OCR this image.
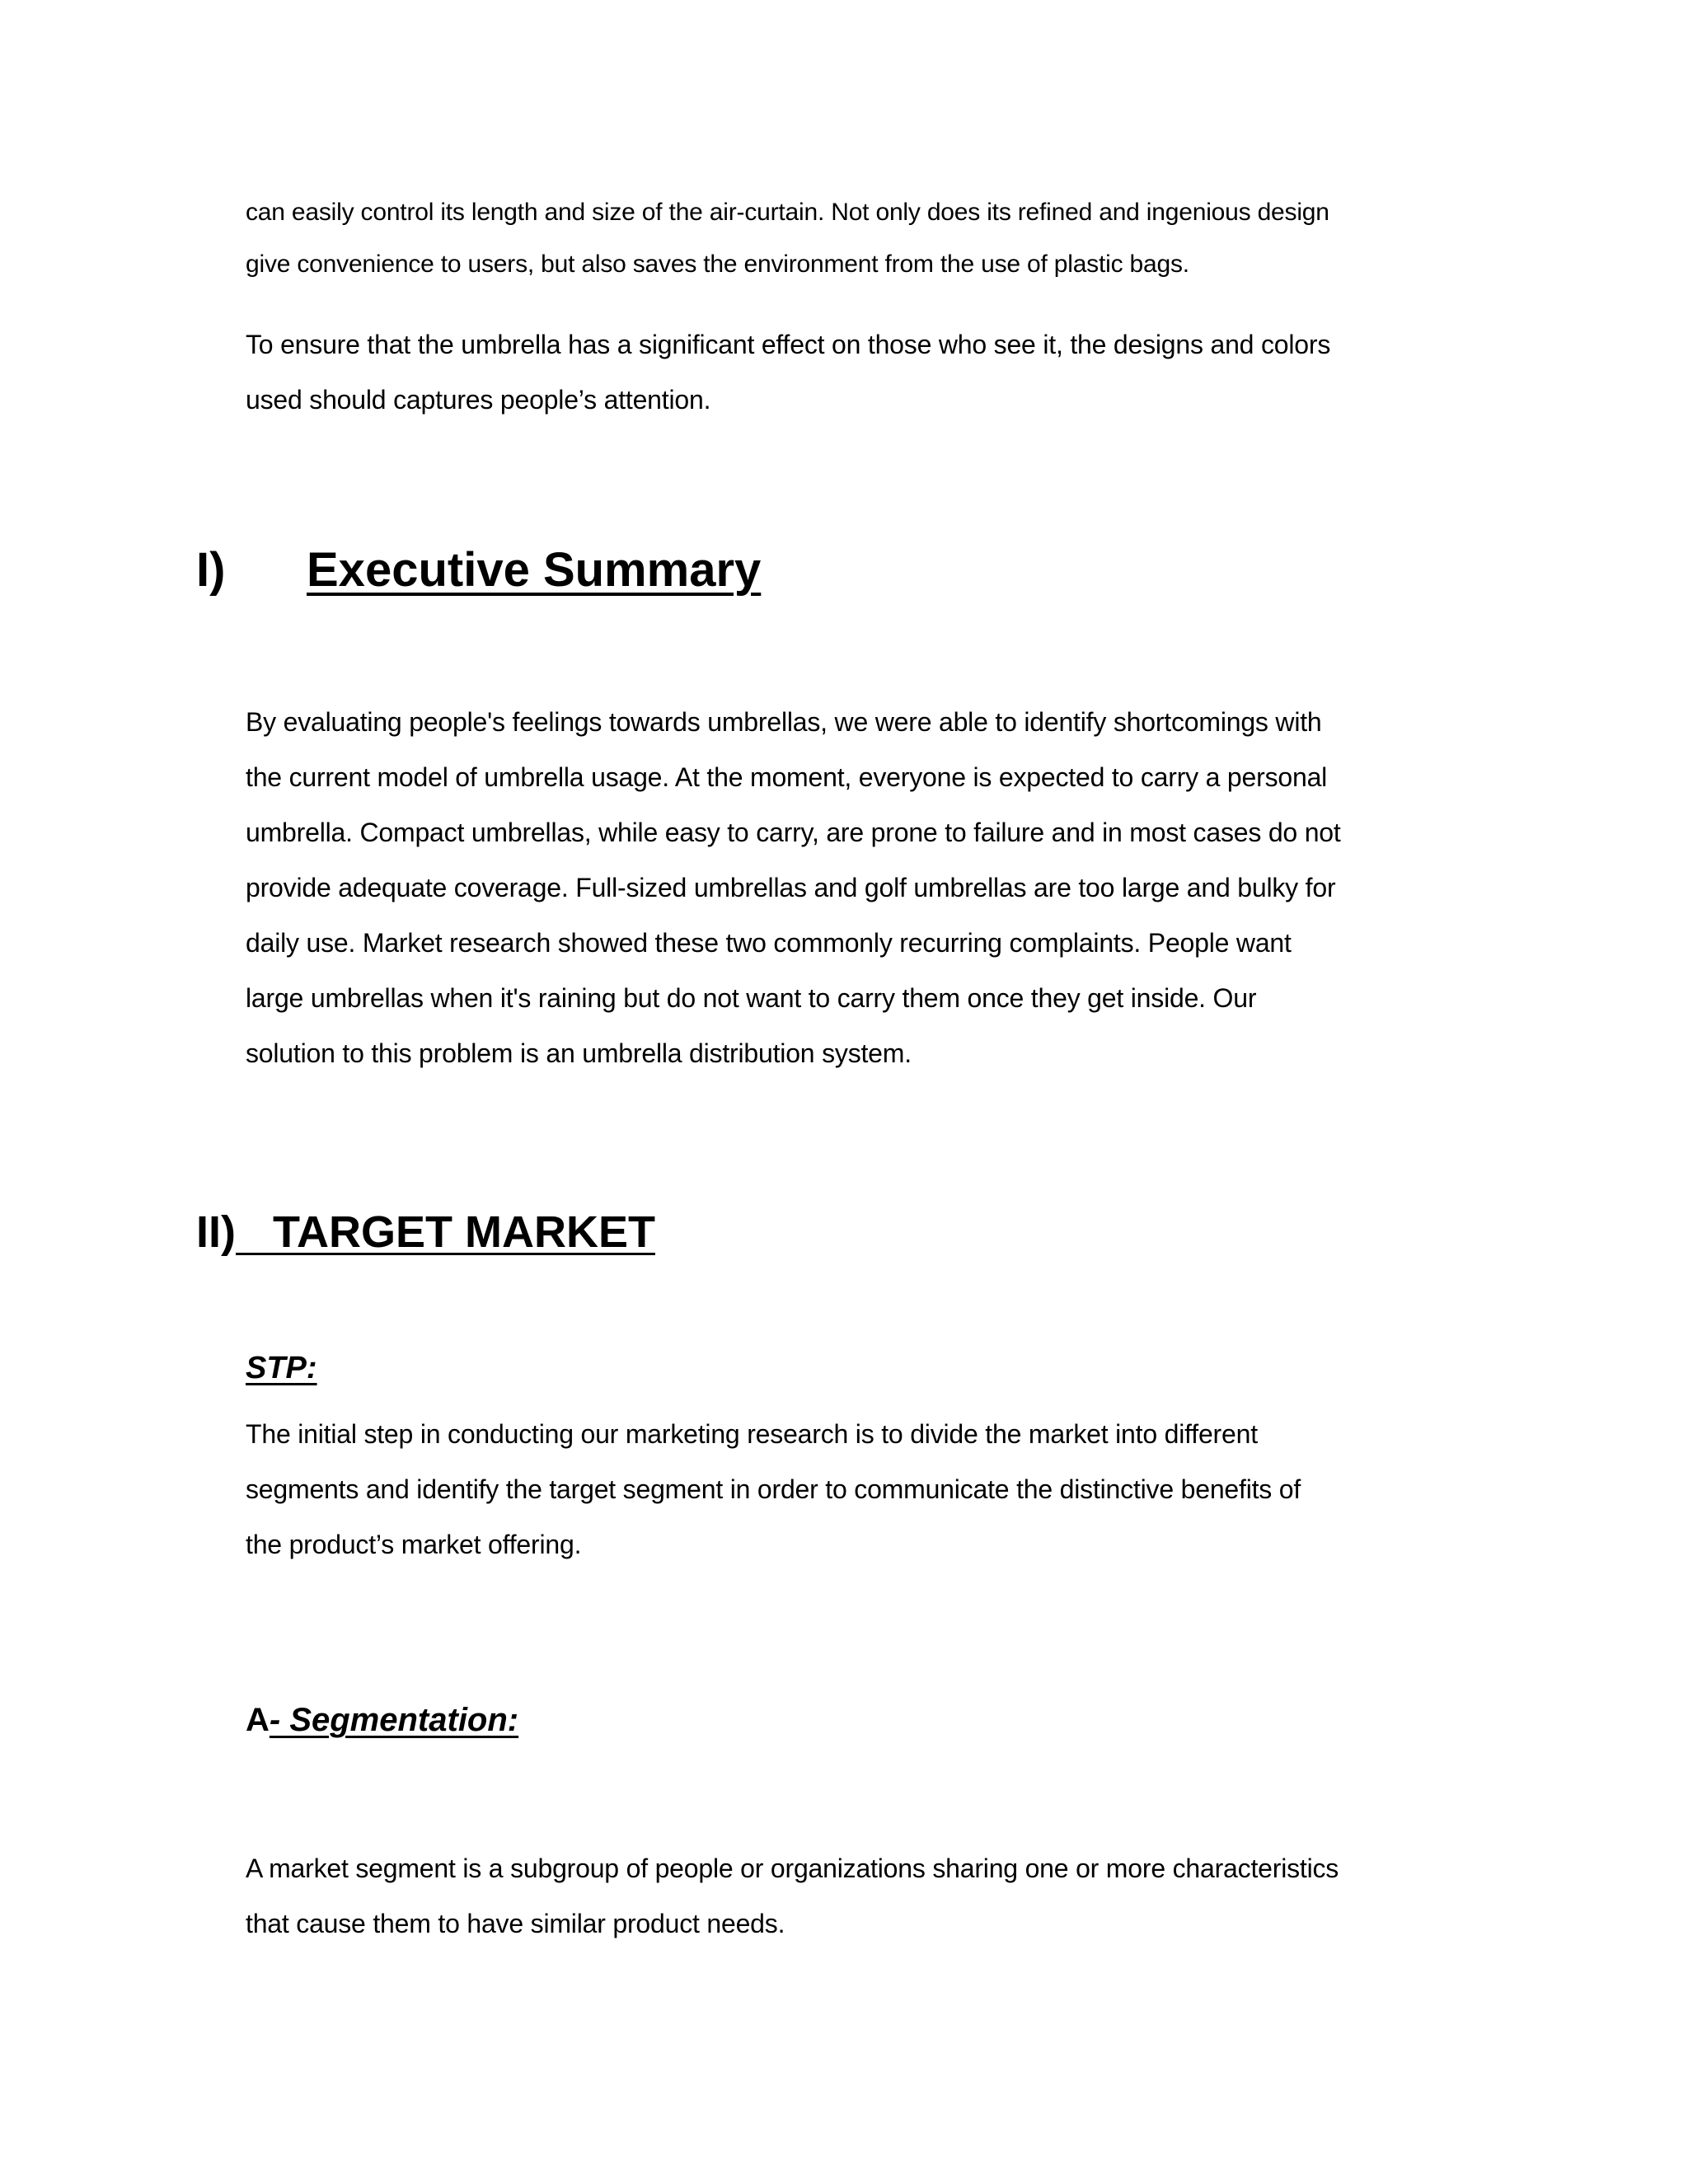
can easily control its length and size of the air-curtain. Not only does its refined and ingenious design
give convenience to users, but also saves the environment from the use of plastic bags.

To ensure that the umbrella has a significant effect on those who see it, the designs and colors
used should captures people’s attention.

I) Executive Summary

By evaluating people's feelings towards umbrellas, we were able to identify shortcomings with
the current model of umbrella usage. At the moment, everyone is expected to carry a personal
umbrella. Compact umbrellas, while easy to carry, are prone to failure and in most cases do not
provide adequate coverage. Full-sized umbrellas and golf umbrellas are too large and bulky for
daily use. Market research showed these two commonly recurring complaints. People want
large umbrellas when it's raining but do not want to carry them once they get inside. Our
solution to this problem is an umbrella distribution system.

II)   TARGET MARKET
STP:

The initial step in conducting our marketing research is to divide the market into different
segments and identify the target segment in order to communicate the distinctive benefits of
the product’s market offering.

A- Segmentation:

A market segment is a subgroup of people or organizations sharing one or more characteristics
that cause them to have similar product needs.
